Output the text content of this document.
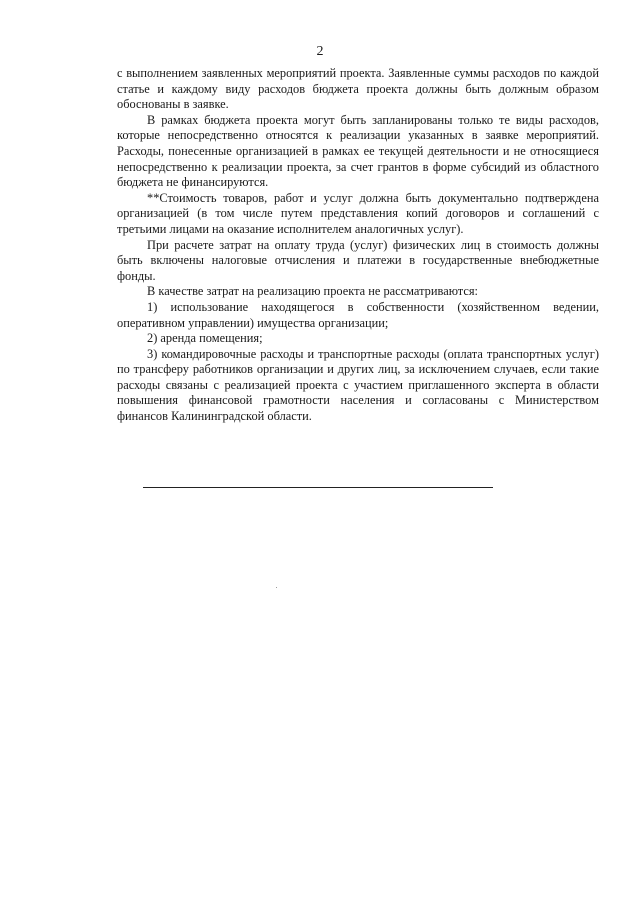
2

с выполнением заявленных мероприятий проекта. Заявленные суммы расходов по каждой статье и каждому виду расходов бюджета проекта должны быть должным образом обоснованы в заявке.

В рамках бюджета проекта могут быть запланированы только те виды расходов, которые непосредственно относятся к реализации указанных в заявке мероприятий. Расходы, понесенные организацией в рамках ее текущей деятельности и не относящиеся непосредственно к реализации проекта, за счет грантов в форме субсидий из областного бюджета не финансируются.

**Стоимость товаров, работ и услуг должна быть документально подтверждена организацией (в том числе путем представления копий договоров и соглашений с третьими лицами на оказание исполнителем аналогичных услуг).

При расчете затрат на оплату труда (услуг) физических лиц в стоимость должны быть включены налоговые отчисления и платежи в государственные внебюджетные фонды.

В качестве затрат на реализацию проекта не рассматриваются:

1) использование находящегося в собственности (хозяйственном ведении, оперативном управлении) имущества организации;

2) аренда помещения;

3) командировочные расходы и транспортные расходы (оплата транспортных услуг) по трансферу работников организации и других лиц, за исключением случаев, если такие расходы связаны с реализацией проекта с участием приглашенного эксперта в области повышения финансовой грамотности населения и согласованы с Министерством финансов Калининградской области.
